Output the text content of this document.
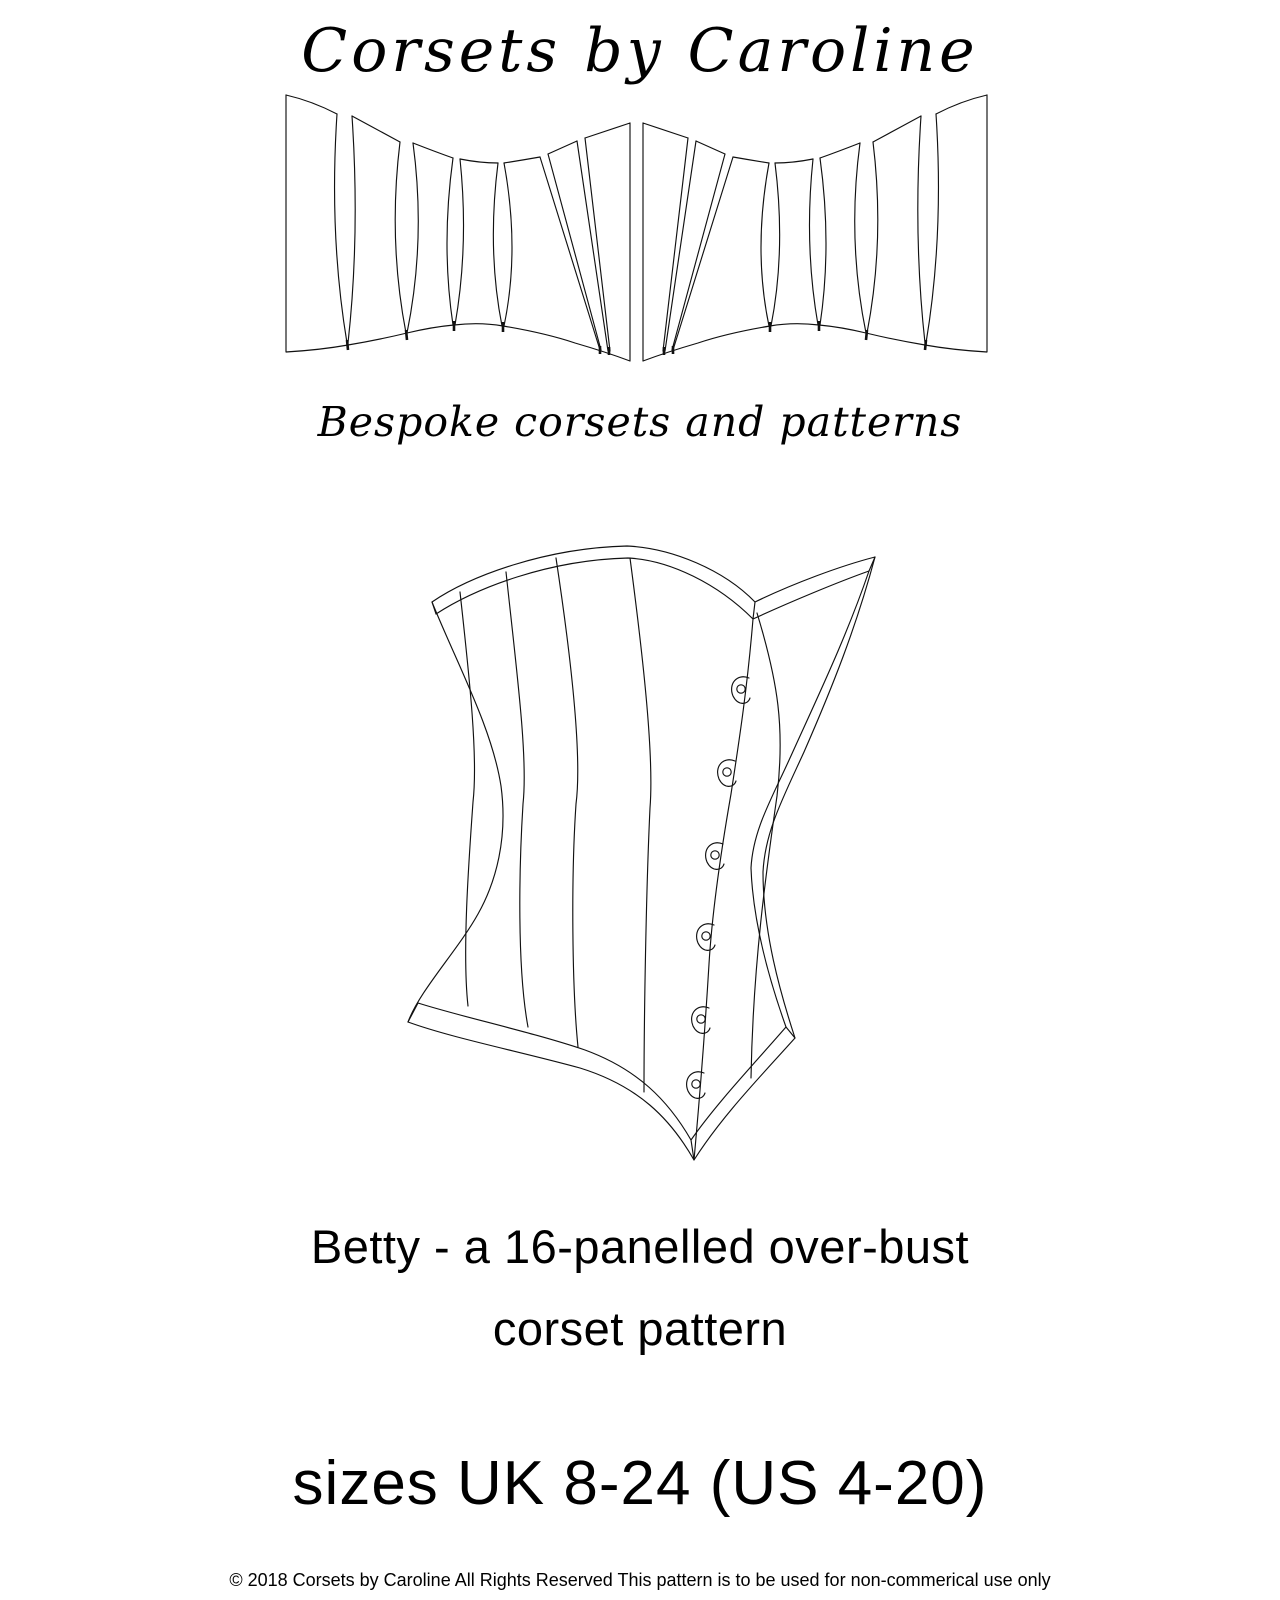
Corsets by Caroline
Bespoke corsets and patterns
Betty - a 16-panelled over-bust
corset pattern
sizes UK 8-24 (US 4-20)
© 2018 Corsets by Caroline All Rights Reserved This pattern is to be used for non-commerical use only
